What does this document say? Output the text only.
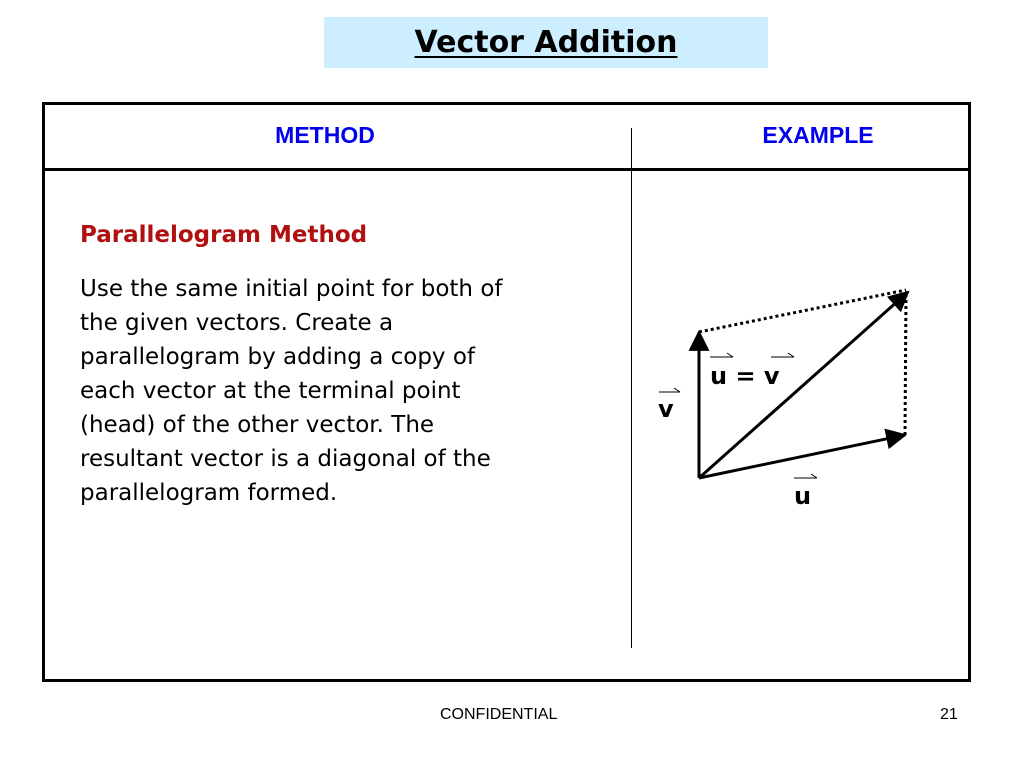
Vector Addition
METHOD	EXAMPLE
Parallelogram Method
Use the same initial point for both of
the given vectors. Create a
parallelogram by adding a copy of
each vector at the terminal point
(head) of the other vector. The
resultant vector is a diagonal of the
parallelogram formed.
v
u = v
u
CONFIDENTIAL	21
